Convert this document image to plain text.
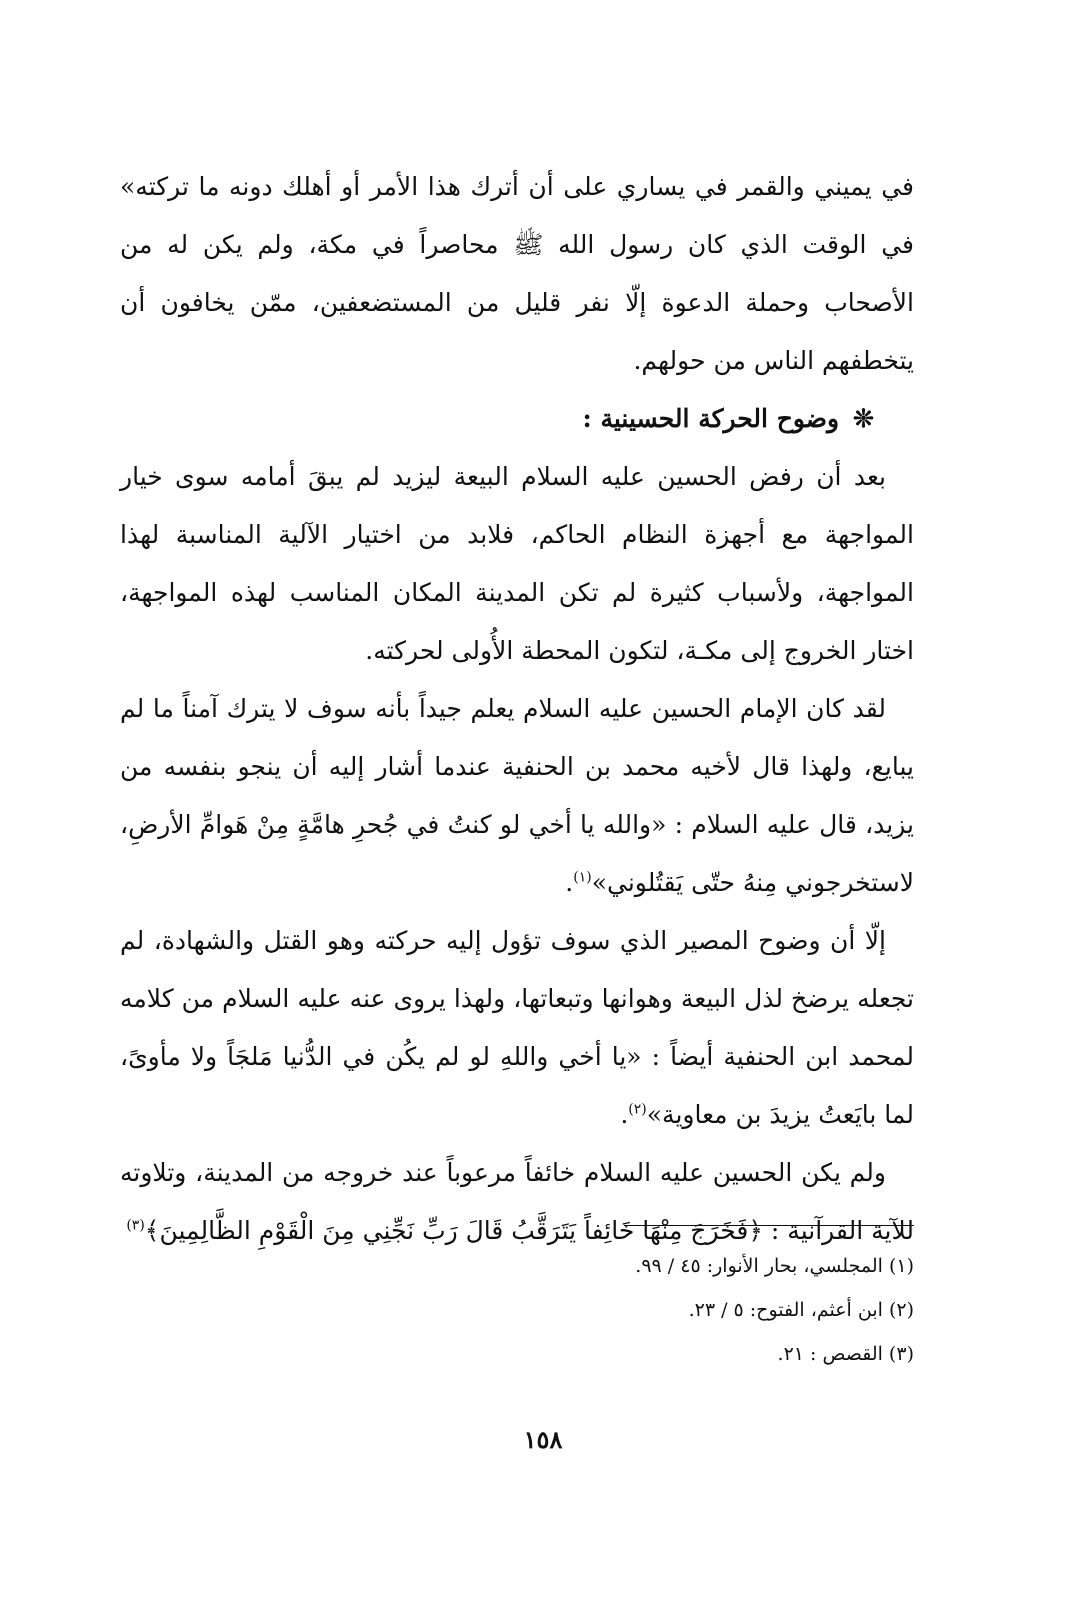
في يميني والقمر في يساري على أن أترك هذا الأمر أو أهلك دونه ما تركته» في الوقت الذي كان رسول الله ﷺ محاصراً في مكة، ولم يكن له من الأصحاب وحملة الدعوة إلّا نفر قليل من المستضعفين، ممّن يخافون أن يتخطفهم الناس من حولهم.

❊وضوح الحركة الحسينية :

بعد أن رفض الحسين عليه السلام البيعة ليزيد لم يبقَ أمامه سوى خيار المواجهة مع أجهزة النظام الحاكم، فلابد من اختيار الآلية المناسبة لهذا المواجهة، ولأسباب كثيرة لم تكن المدينة المكان المناسب لهذه المواجهة، اختار الخروج إلى مكـة، لتكون المحطة الأُولى لحركته.

لقد كان الإمام الحسين عليه السلام يعلم جيداً بأنه سوف لا يترك آمناً ما لم يبايع، ولهذا قال لأخيه محمد بن الحنفية عندما أشار إليه أن ينجو بنفسه من يزيد، قال عليه السلام : «والله يا أخي لو كنتُ في جُحرِ هامَّةٍ مِنْ هَوامِّ الأرضِ، لاستخرجوني مِنهُ حتّى يَقتُلوني»$^{(١)}$.

إلّا أن وضوح المصير الذي سوف تؤول إليه حركته وهو القتل والشهادة، لم تجعله يرضخ لذل البيعة وهوانها وتبعاتها، ولهذا يروى عنه عليه السلام من كلامه لمحمد ابن الحنفية أيضاً : «يا أخي واللهِ لو لم يكُن في الدُّنيا مَلجَاً ولا مأوىً، لما بايَعتُ يزيدَ بن معاوية»$^{(٢)}$.

ولم يكن الحسين عليه السلام خائفاً مرعوباً عند خروجه من المدينة، وتلاوته للآية القرآنية : ﴿فَخَرَجَ مِنْهَا خَائِفاً يَتَرَقَّبُ قَالَ رَبِّ نَجِّنِي مِنَ الْقَوْمِ الظَّالِمِينَ﴾$^{(٣)}$

(١) المجلسي، بحار الأنوار: ٤٥ / ٩٩.
(٢) ابن أعثم، الفتوح: ٥ / ٢٣.
(٣) القصص : ٢١.
١٥٨
